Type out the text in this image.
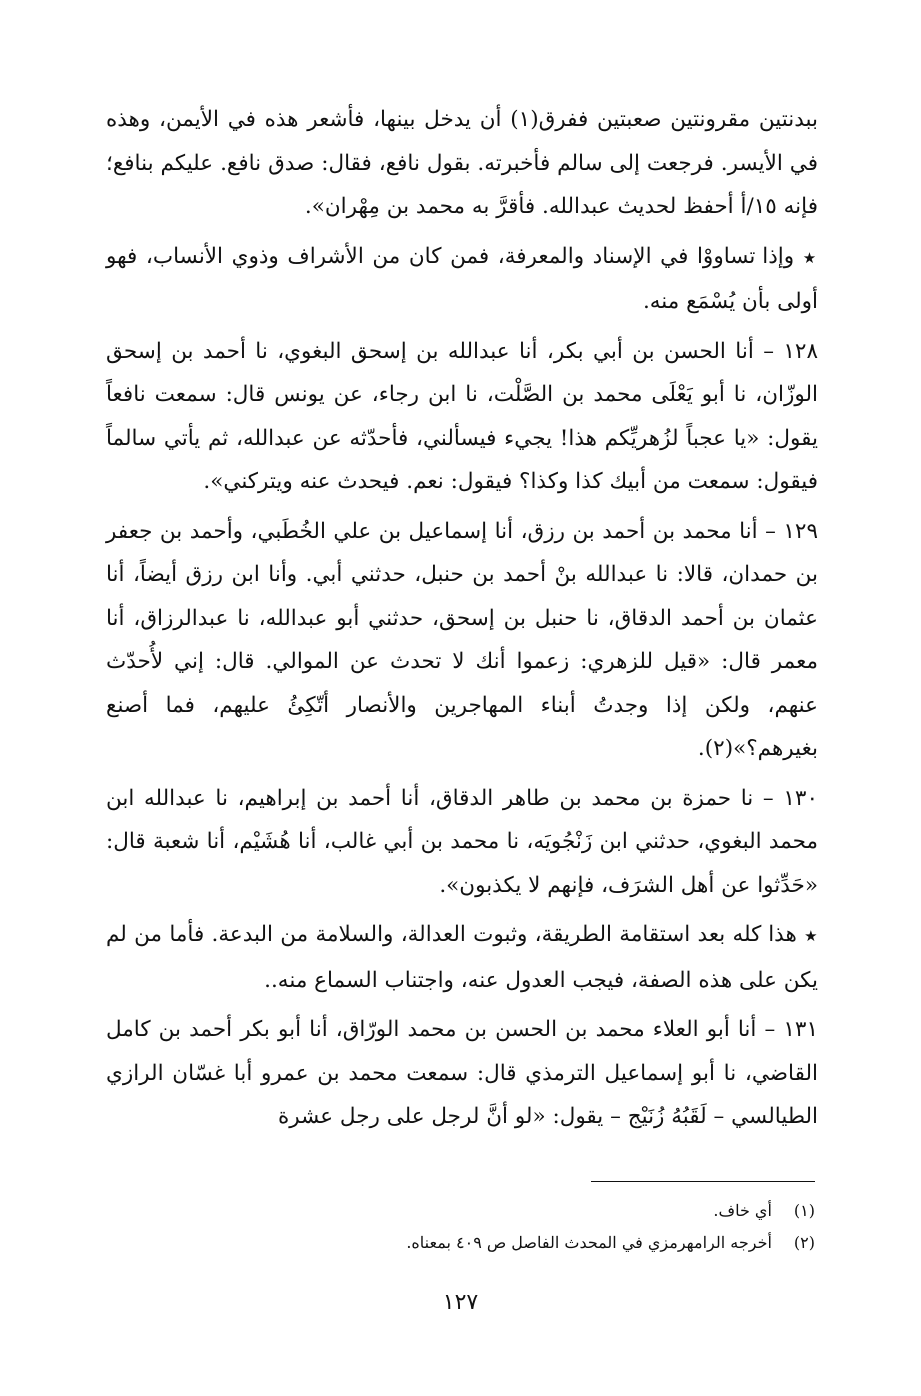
ببدنتين مقرونتين صعبتين ففرق(١) أن يدخل بينها، فأشعر هذه في الأيمن، وهذه في الأيسر. فرجعت إلى سالم فأخبرته. بقول نافع، فقال: صدق نافع. عليكم بنافع؛ فإنه ١٥/أ أحفظ لحديث عبدالله. فأقرَّ به محمد بن مِهْران».

★ وإذا تساووْا في الإسناد والمعرفة، فمن كان من الأشراف وذوي الأنساب، فهو أولى بأن يُسْمَع منه.

١٢٨ – أنا الحسن بن أبي بكر، أنا عبدالله بن إسحق البغوي، نا أحمد بن إسحق الوزّان، نا أبو يَعْلَى محمد بن الصَّلْت، نا ابن رجاء، عن يونس قال: سمعت نافعاً يقول: «يا عجباً لزُهريِّكم هذا! يجيء فيسألني، فأحدّثه عن عبدالله، ثم يأتي سالماً فيقول: سمعت من أبيك كذا وكذا؟ فيقول: نعم. فيحدث عنه ويتركني».

١٢٩ – أنا محمد بن أحمد بن رزق، أنا إسماعيل بن علي الخُطَبي، وأحمد بن جعفر بن حمدان، قالا: نا عبدالله بنْ أحمد بن حنبل، حدثني أبي. وأنا ابن رزق أيضاً، أنا عثمان بن أحمد الدقاق، نا حنبل بن إسحق، حدثني أبو عبدالله، نا عبدالرزاق، أنا معمر قال: «قيل للزهري: زعموا أنك لا تحدث عن الموالي. قال: إني لأُحدّث عنهم، ولكن إذا وجدتُ أبناء المهاجرين والأنصار أتّكِئُ عليهم، فما أصنع بغيرهم؟»(٢).

١٣٠ – نا حمزة بن محمد بن طاهر الدقاق، أنا أحمد بن إبراهيم، نا عبدالله ابن محمد البغوي، حدثني ابن زَنْجُويَه، نا محمد بن أبي غالب، أنا هُشَيْم، أنا شعبة قال: «حَدِّثوا عن أهل الشرَف، فإنهم لا يكذبون».

★ هذا كله بعد استقامة الطريقة، وثبوت العدالة، والسلامة من البدعة. فأما من لم يكن على هذه الصفة، فيجب العدول عنه، واجتناب السماع منه..

١٣١ – أنا أبو العلاء محمد بن الحسن بن محمد الورّاق، أنا أبو بكر أحمد بن كامل القاضي، نا أبو إسماعيل الترمذي قال: سمعت محمد بن عمرو أبا غسّان الرازي الطيالسي – لَقَبُهُ زُنَيْج – يقول: «لو أنَّ لرجل على رجل عشرة

(١)
أي خاف.
(٢)
أخرجه الرامهرمزي في المحدث الفاصل ص ٤٠٩ بمعناه.
١٢٧
